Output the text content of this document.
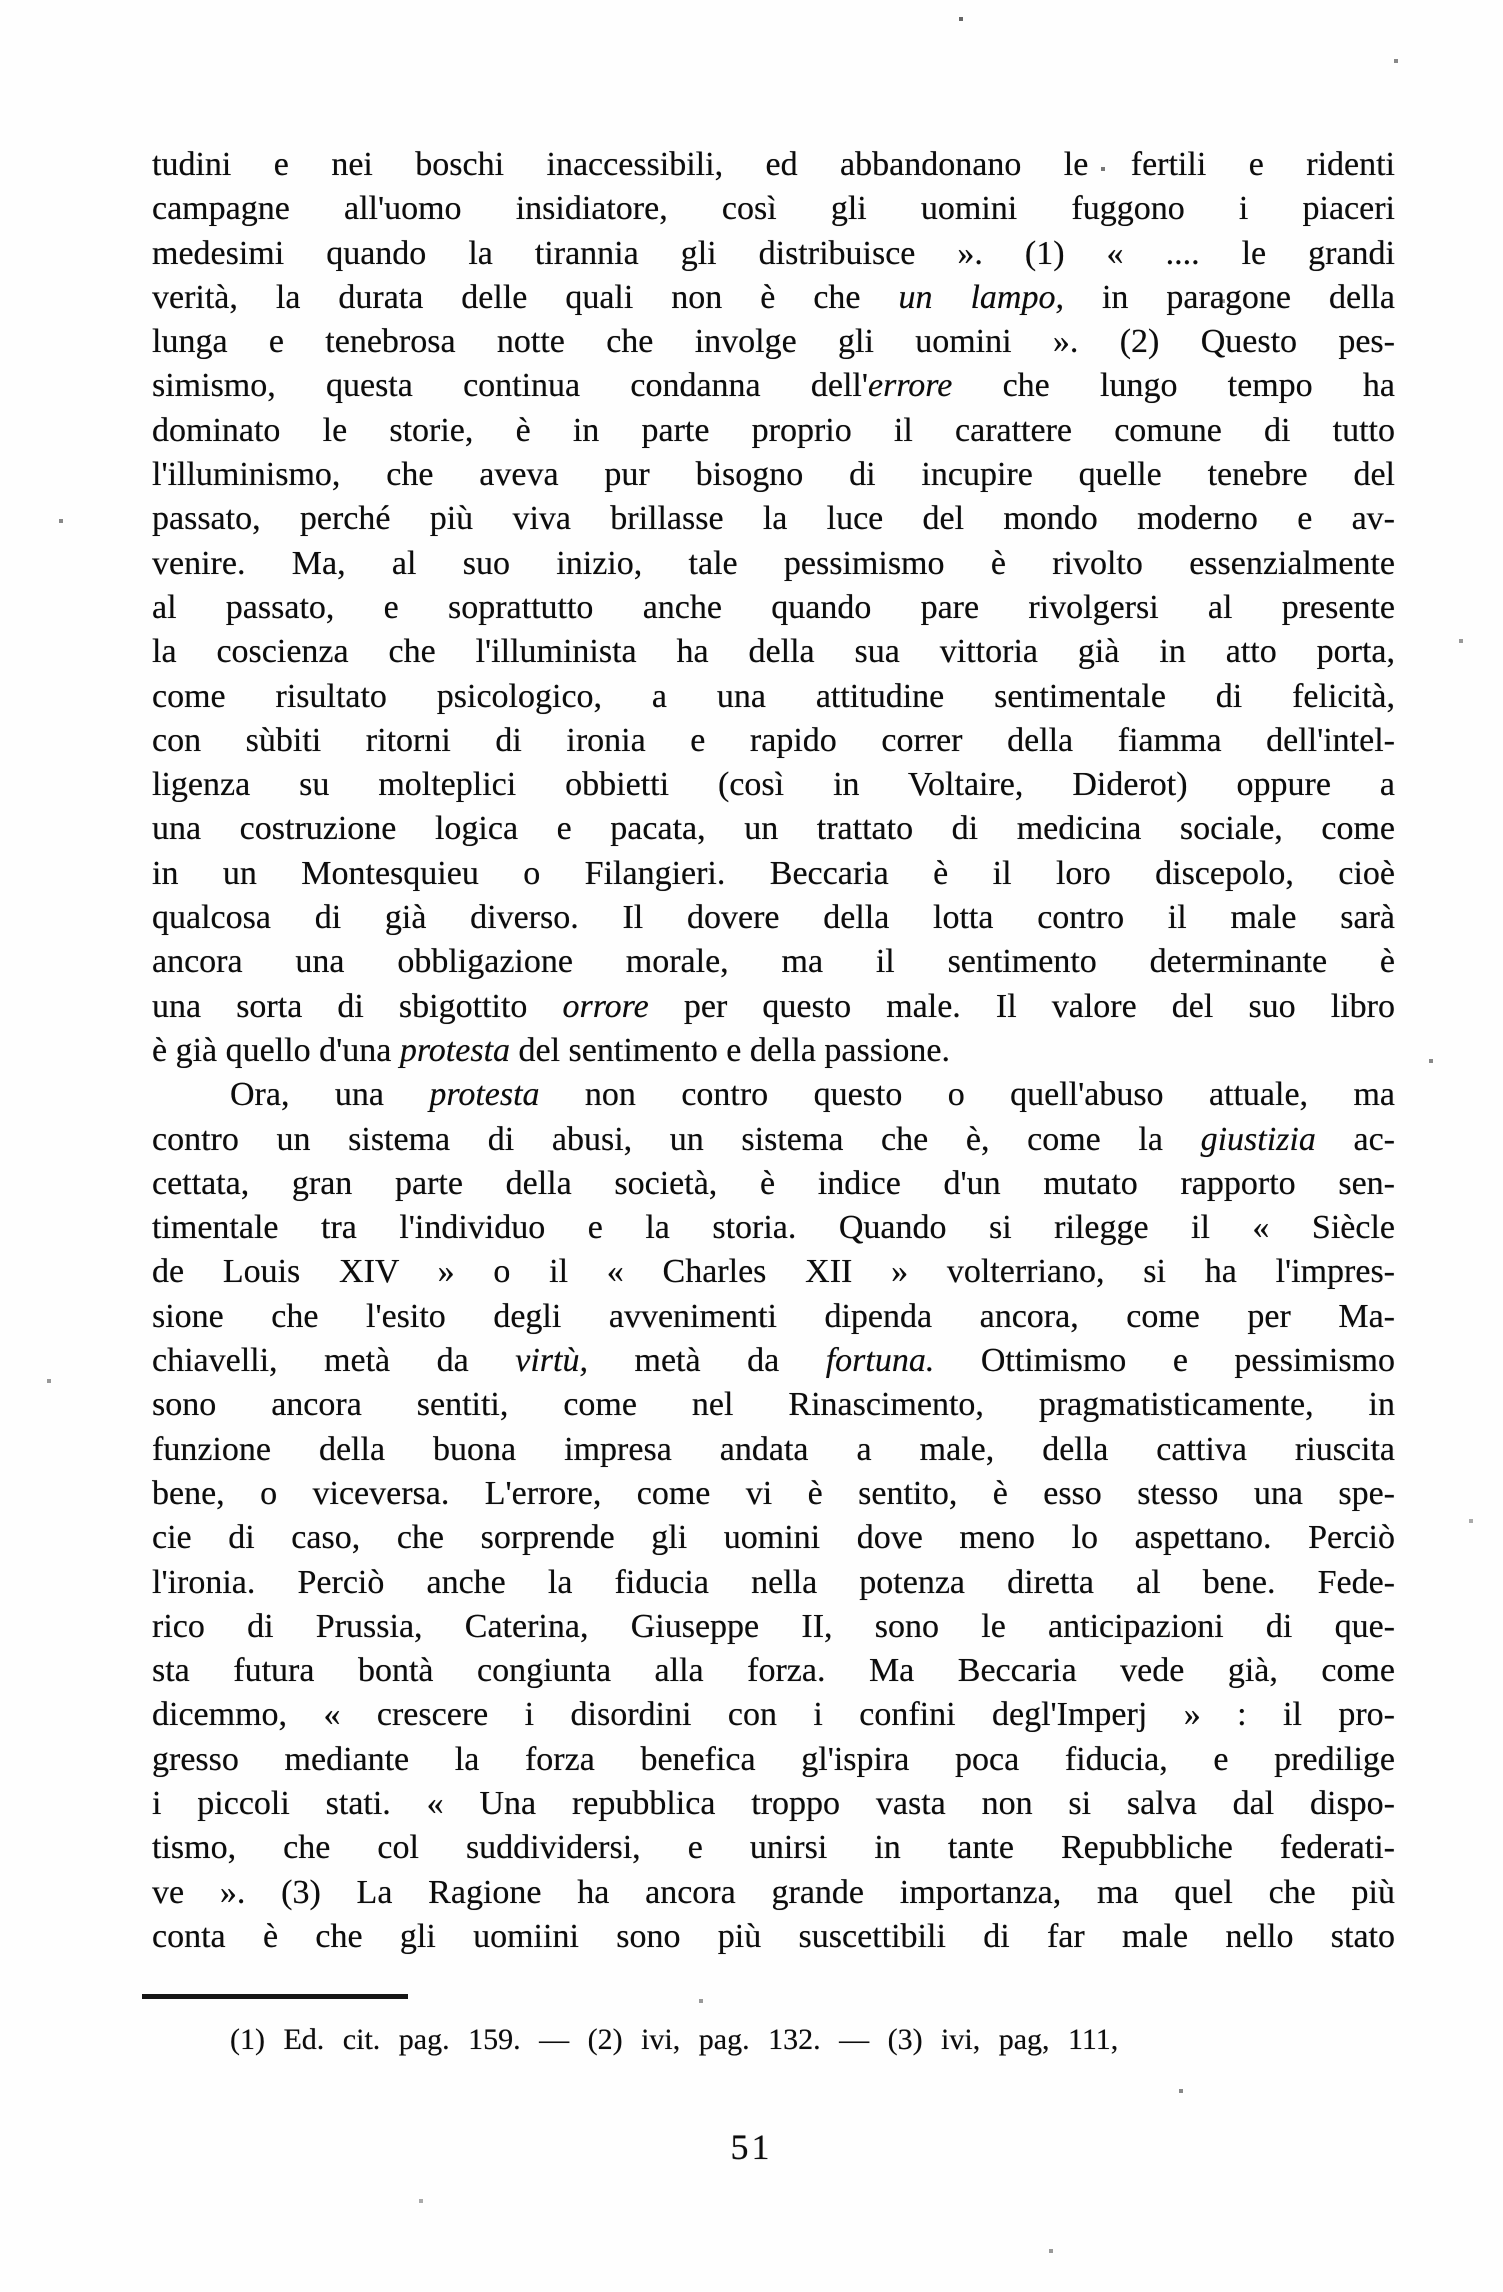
tudini e nei boschi inaccessibili, ed abbandonano le fertili e ridenti
campagne all'uomo insidiatore, così gli uomini fuggono i piaceri
medesimi quando la tirannia gli distribuisce ». (1) « .... le grandi
verità, la durata delle quali non è che un lampo, in paragone della
lunga e tenebrosa notte che involge gli uomini ». (2) Questo pes-
simismo, questa continua condanna dell'errore che lungo tempo ha
dominato le storie, è in parte proprio il carattere comune di tutto
l'illuminismo, che aveva pur bisogno di incupire quelle tenebre del
passato, perché più viva brillasse la luce del mondo moderno e av-
venire. Ma, al suo inizio, tale pessimismo è rivolto essenzialmente
al passato, e soprattutto anche quando pare rivolgersi al presente
la coscienza che l'illuminista ha della sua vittoria già in atto porta,
come risultato psicologico, a una attitudine sentimentale di felicità,
con sùbiti ritorni di ironia e rapido correr della fiamma dell'intel-
ligenza su molteplici obbietti (così in Voltaire, Diderot) oppure a
una costruzione logica e pacata, un trattato di medicina sociale, come
in un Montesquieu o Filangieri. Beccaria è il loro discepolo, cioè
qualcosa di già diverso. Il dovere della lotta contro il male sarà
ancora una obbligazione morale, ma il sentimento determinante è
una sorta di sbigottito orrore per questo male. Il valore del suo libro
è già quello d'una protesta del sentimento e della passione.
Ora, una protesta non contro questo o quell'abuso attuale, ma
contro un sistema di abusi, un sistema che è, come la giustizia ac-
cettata, gran parte della società, è indice d'un mutato rapporto sen-
timentale tra l'individuo e la storia. Quando si rilegge il « Siècle
de Louis XIV » o il « Charles XII » volterriano, si ha l'impres-
sione che l'esito degli avvenimenti dipenda ancora, come per Ma-
chiavelli, metà da virtù, metà da fortuna. Ottimismo e pessimismo
sono ancora sentiti, come nel Rinascimento, pragmatisticamente, in
funzione della buona impresa andata a male, della cattiva riuscita
bene, o viceversa. L'errore, come vi è sentito, è esso stesso una spe-
cie di caso, che sorprende gli uomini dove meno lo aspettano. Perciò
l'ironia. Perciò anche la fiducia nella potenza diretta al bene. Fede-
rico di Prussia, Caterina, Giuseppe II, sono le anticipazioni di que-
sta futura bontà congiunta alla forza. Ma Beccaria vede già, come
dicemmo, « crescere i disordini con i confini degl'Imperj » : il pro-
gresso mediante la forza benefica gl'ispira poca fiducia, e predilige
i piccoli stati. « Una repubblica troppo vasta non si salva dal dispo-
tismo, che col suddividersi, e unirsi in tante Repubbliche federati-
ve ». (3) La Ragione ha ancora grande importanza, ma quel che più
conta è che gli uomiini sono più suscettibili di far male nello stato
(1) Ed. cit. pag. 159. — (2) ivi, pag. 132. — (3) ivi, pag, 111,
51
